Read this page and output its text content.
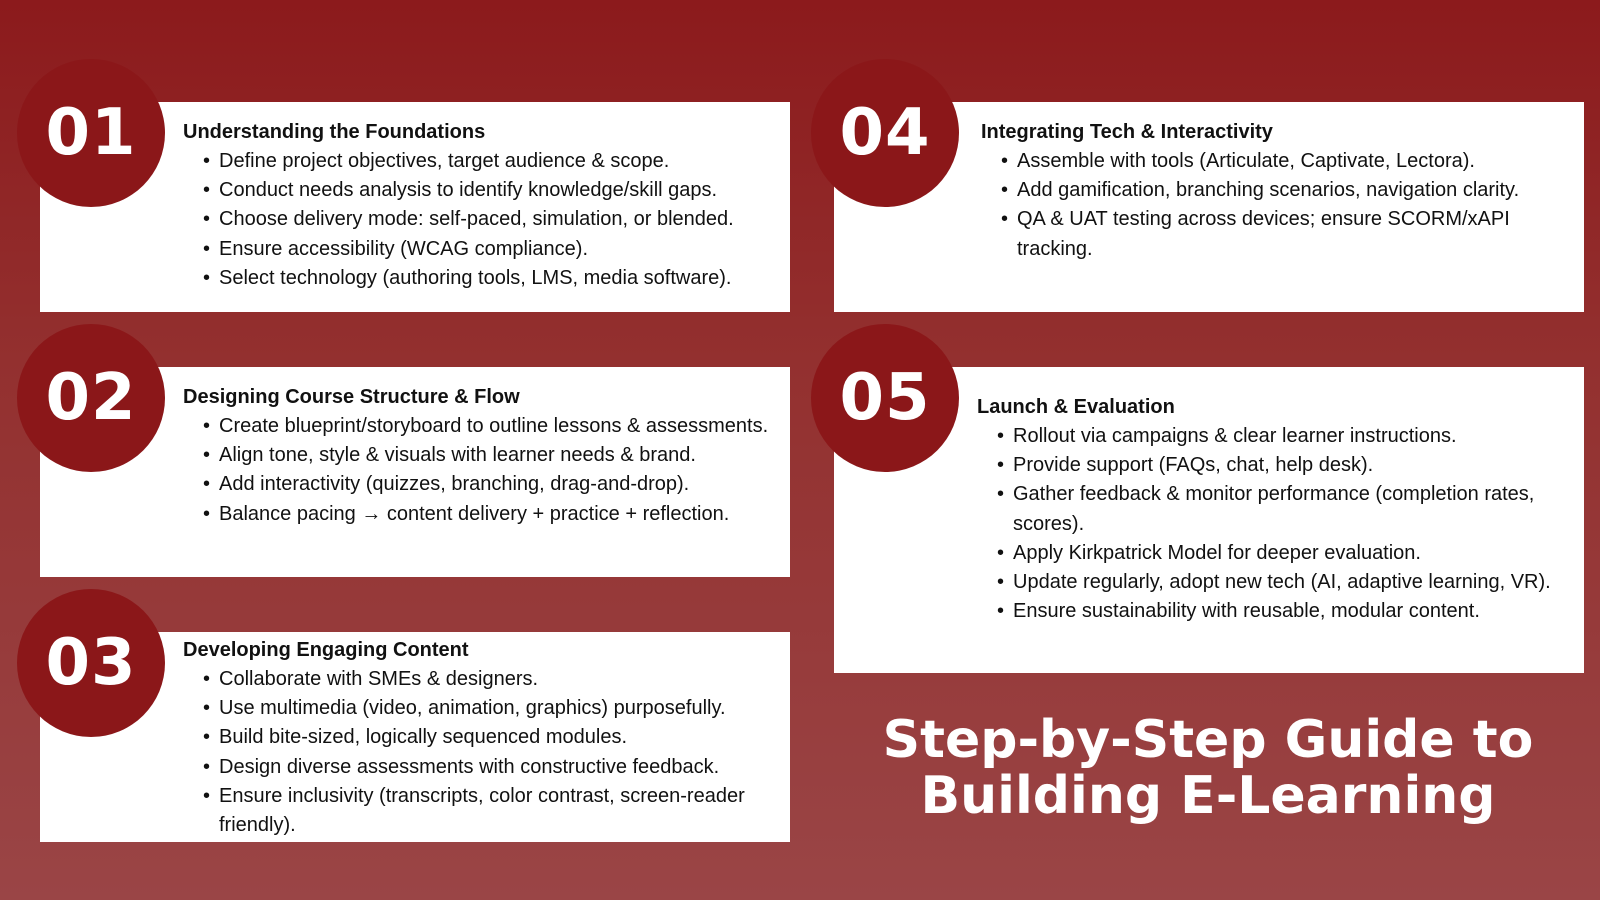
Understanding the Foundations
• Define project objectives, target audience & scope.
• Conduct needs analysis to identify knowledge/skill gaps.
• Choose delivery mode: self-paced, simulation, or blended.
• Ensure accessibility (WCAG compliance).
• Select technology (authoring tools, LMS, media software).
01
Designing Course Structure & Flow
• Create blueprint/storyboard to outline lessons & assessments.
• Align tone, style & visuals with learner needs & brand.
• Add interactivity (quizzes, branching, drag-and-drop).
• Balance pacing → content delivery + practice + reflection.
02
Developing Engaging Content
• Collaborate with SMEs & designers.
• Use multimedia (video, animation, graphics) purposefully.
• Build bite-sized, logically sequenced modules.
• Design diverse assessments with constructive feedback.
• Ensure inclusivity (transcripts, color contrast, screen-reader friendly).
03
Integrating Tech & Interactivity
• Assemble with tools (Articulate, Captivate, Lectora).
• Add gamification, branching scenarios, navigation clarity.
• QA & UAT testing across devices; ensure SCORM/xAPI tracking.
04
Launch & Evaluation
• Rollout via campaigns & clear learner instructions.
• Provide support (FAQs, chat, help desk).
• Gather feedback & monitor performance (completion rates, scores).
• Apply Kirkpatrick Model for deeper evaluation.
• Update regularly, adopt new tech (AI, adaptive learning, VR).
• Ensure sustainability with reusable, modular content.
05
Step-by-Step Guide to
Building E-Learning
